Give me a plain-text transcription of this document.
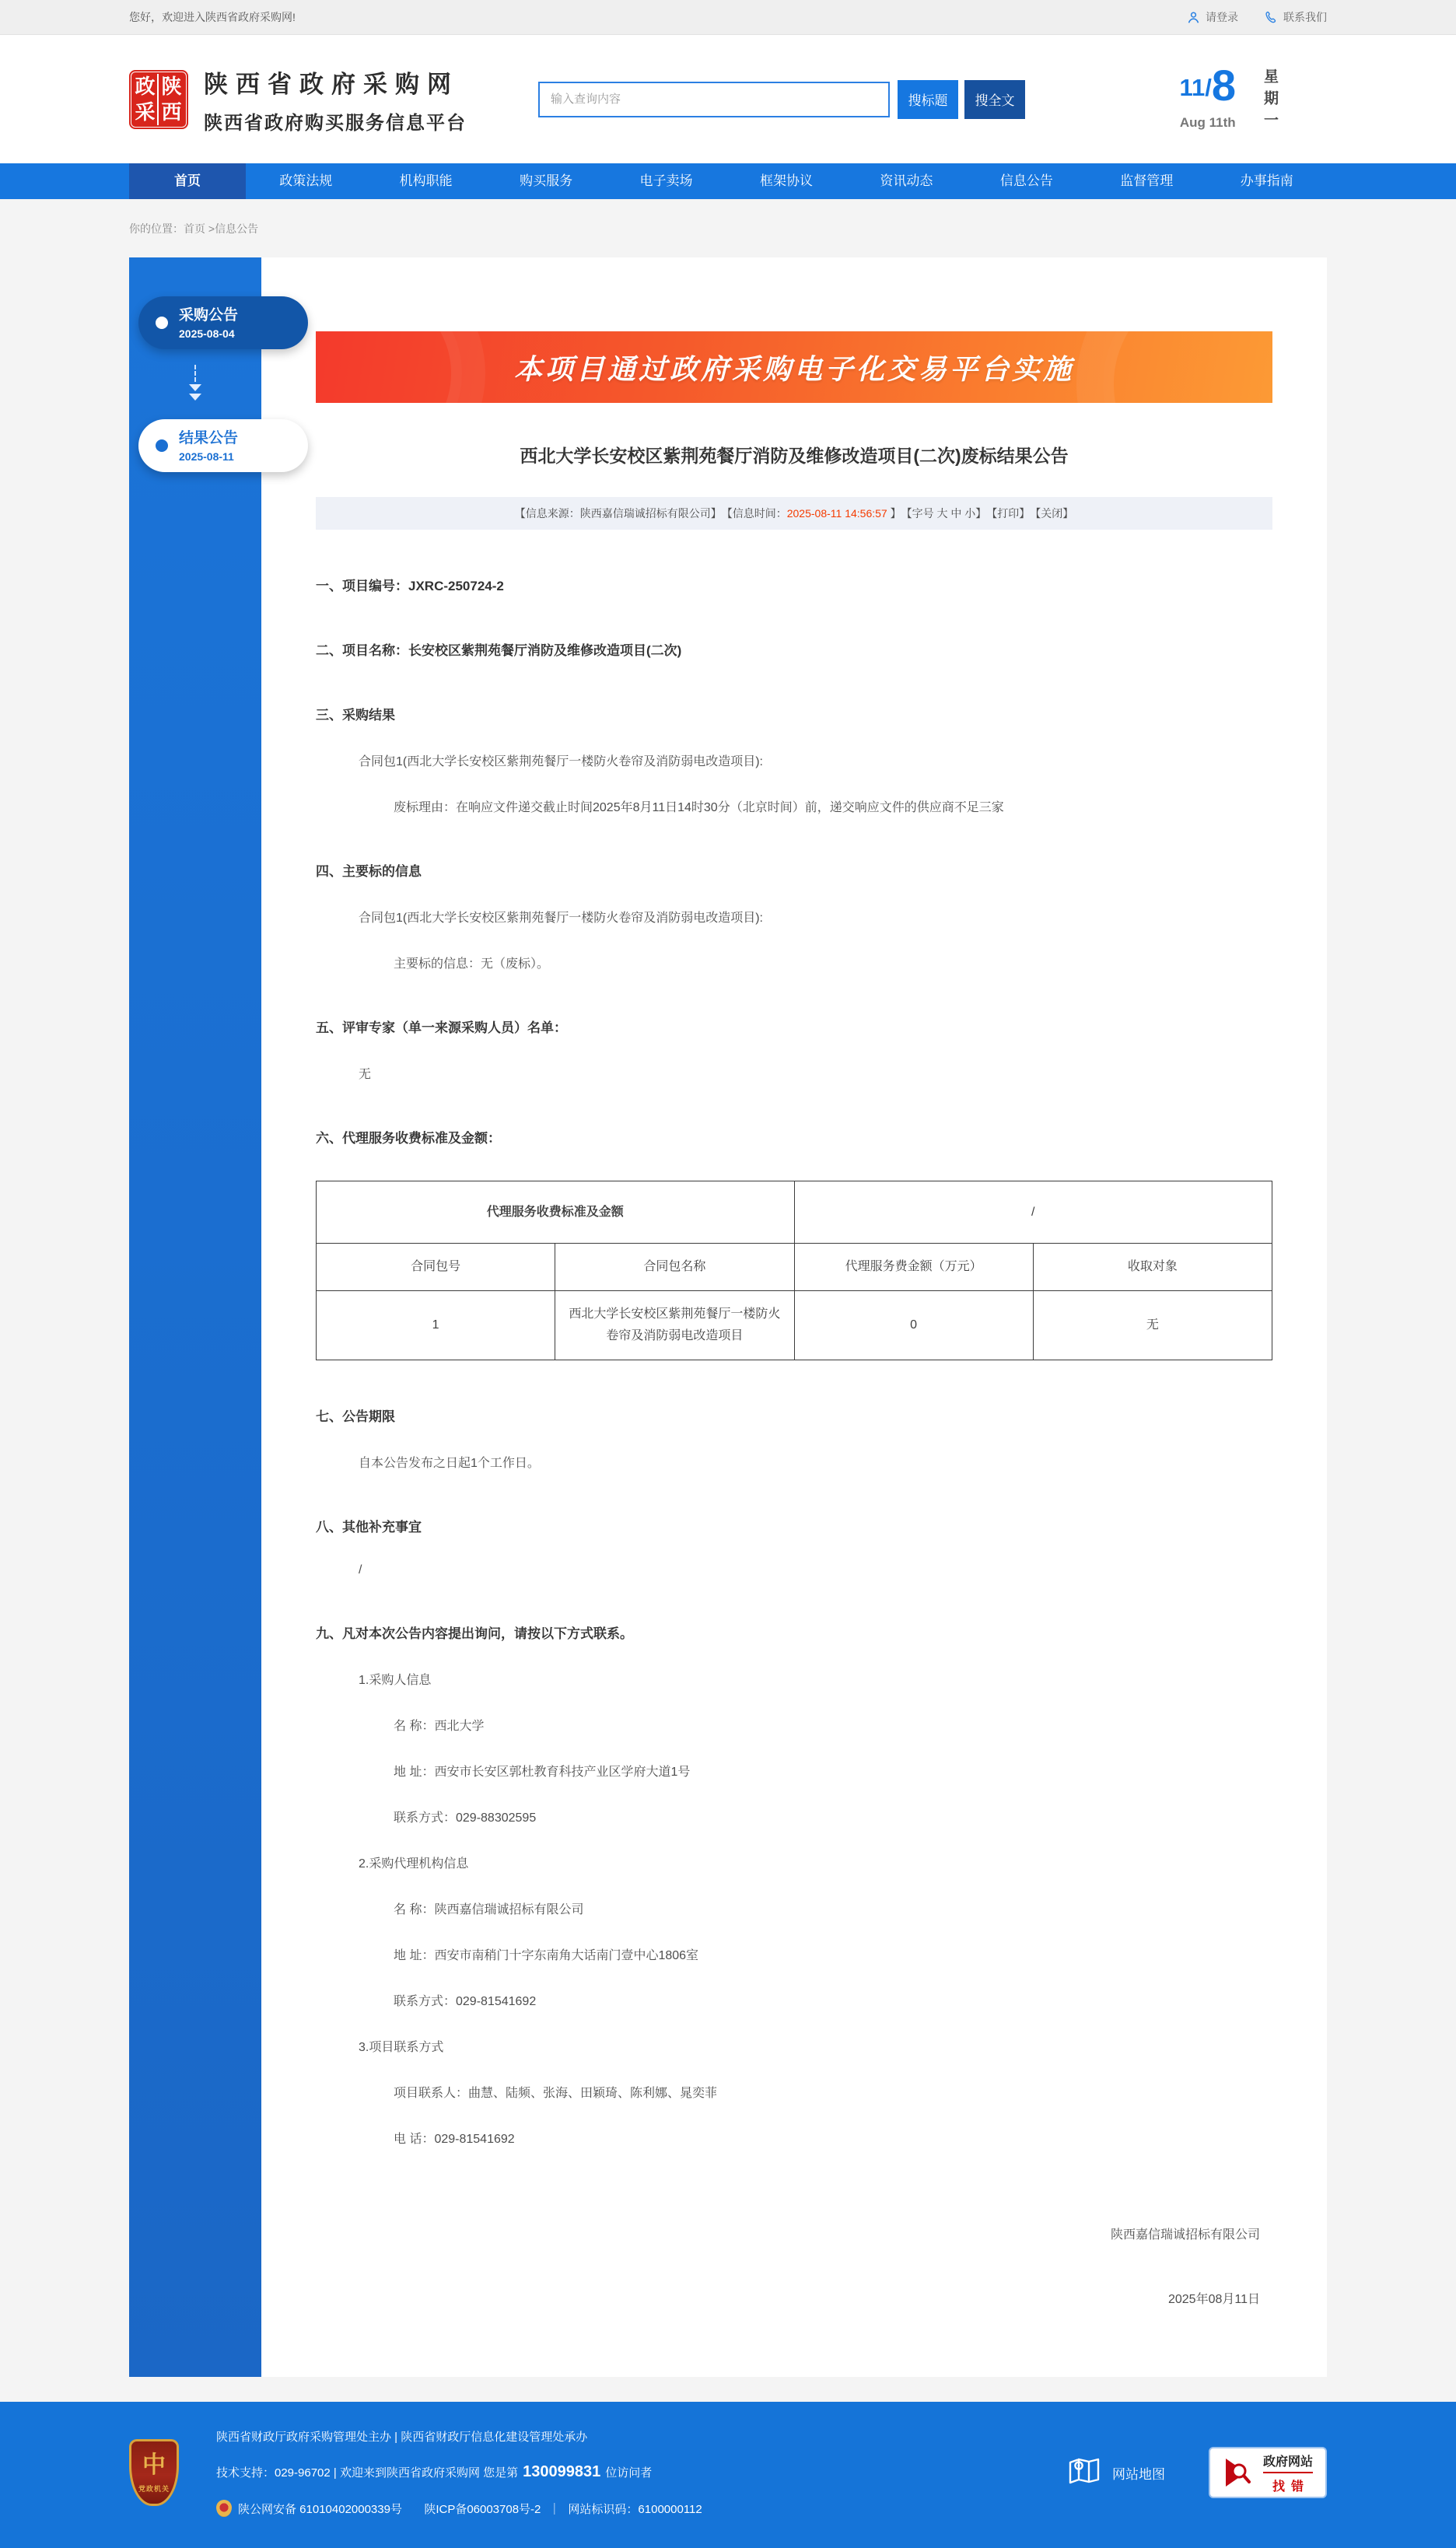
您好，欢迎进入陕西省政府采购网!	请登录	联系我们
政 陕
采 西
陕西省政府采购网
陕西省政府购买服务信息平台
输入查询内容
搜标题	搜全文	11/ 8
Aug 11th 星期一
首页	政策法规	机构职能	购买服务	电子卖场	框架协议	资讯动态	信息公告	监督管理	办事指南
你的位置： 首页
> 信息公告
采购公告
2025-08-04
结果公告
2025-08-11
本项目通过政府采购电子化交易平台实施
西北大学长安校区紫荆苑餐厅消防及维修改造项目(二次)废标结果公告
【信息来源：陕西嘉信瑞诚招标有限公司】 【信息时间： 2025-08-11 14:56:57 】 【字号 大 中 小】 【打印】 【关闭】
一、项目编号：JXRC-250724-2
二、项目名称：长安校区紫荆苑餐厅消防及维修改造项目(二次)
三、采购结果

合同包1(西北大学长安校区紫荆苑餐厅一楼防火卷帘及消防弱电改造项目):

废标理由：在响应文件递交截止时间2025年8月11日14时30分（北京时间）前，递交响应文件的供应商不足三家

四、主要标的信息

合同包1(西北大学长安校区紫荆苑餐厅一楼防火卷帘及消防弱电改造项目):

主要标的信息：无（废标）。

五、评审专家（单一来源采购人员）名单：

无

六、代理服务收费标准及金额：
代理服务收费标准及金额		/	
合同包号	合同包名称	代理服务费金额（万元）	收取对象
1	西北大学长安校区紫荆苑餐厅一楼防火卷帘及消防弱电改造项目	0	无
七、公告期限

自本公告发布之日起1个工作日。

八、其他补充事宜

/

九、凡对本次公告内容提出询问，请按以下方式联系。

1.采购人信息

名 称：西北大学

地 址：西安市长安区郭杜教育科技产业区学府大道1号

联系方式：029-88302595

2.采购代理机构信息

名 称：陕西嘉信瑞诚招标有限公司

地 址：西安市南稍门十字东南角大话南门壹中心1806室

联系方式：029-81541692

3.项目联系方式

项目联系人：曲慧、陆频、张海、田颖琦、陈利娜、晁奕菲

电 话：029-81541692

陕西嘉信瑞诚招标有限公司
2025年08月11日
中
党政机关
陕西省财政厅政府采购管理处主办 | 陕西省财政厅信息化建设管理处承办
技术支持：029-96702 | 欢迎来到陕西省政府采购网 您是第 130099831 位访问者
陕公网安备 61010402000339号
陕ICP备06003708号-2 ｜ 网站标识码：6100000112
网站地图
政府网站
找错
